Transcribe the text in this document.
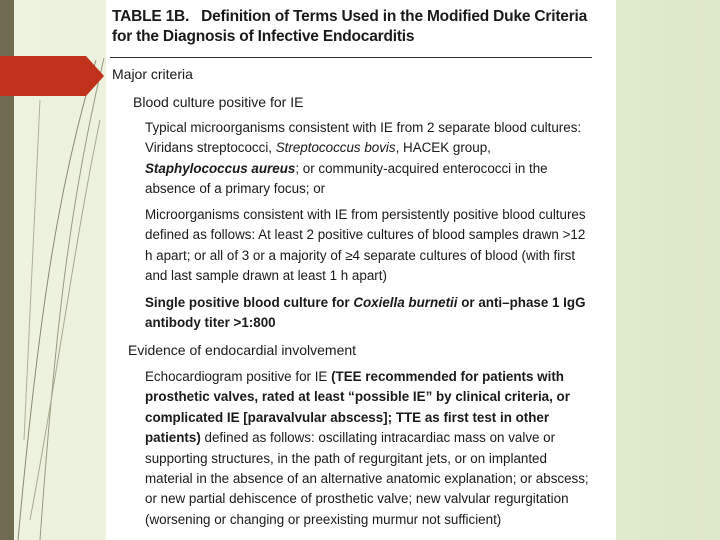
TABLE 1B. Definition of Terms Used in the Modified Duke Criteria for the Diagnosis of Infective Endocarditis
Major criteria
Blood culture positive for IE

Typical microorganisms consistent with IE from 2 separate blood cultures: Viridans streptococci, Streptococcus bovis, HACEK group, Staphylococcus aureus; or community-acquired enterococci in the absence of a primary focus; or

Microorganisms consistent with IE from persistently positive blood cultures defined as follows: At least 2 positive cultures of blood samples drawn >12 h apart; or all of 3 or a majority of ≥4 separate cultures of blood (with first and last sample drawn at least 1 h apart)

Single positive blood culture for Coxiella burnetii or anti–phase 1 IgG antibody titer >1:800

Evidence of endocardial involvement

Echocardiogram positive for IE (TEE recommended for patients with prosthetic valves, rated at least “possible IE” by clinical criteria, or complicated IE [paravalvular abscess]; TTE as first test in other patients) defined as follows: oscillating intracardiac mass on valve or supporting structures, in the path of regurgitant jets, or on implanted material in the absence of an alternative anatomic explanation; or abscess; or new partial dehiscence of prosthetic valve; new valvular regurgitation (worsening or changing or preexisting murmur not sufficient)
